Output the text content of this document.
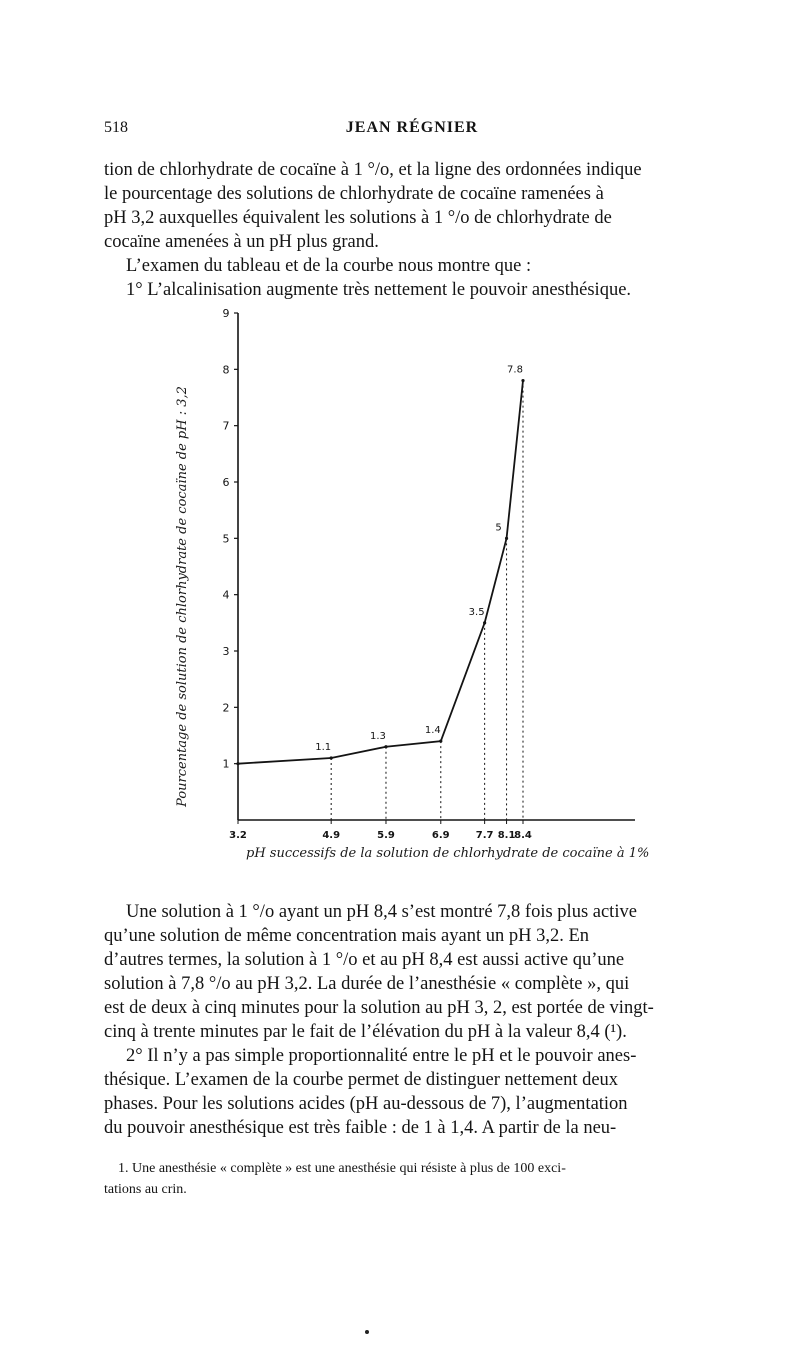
518	JEAN RÉGNIER
tion de chlorhydrate de cocaïne à 1 °/o, et la ligne des ordonnées indique
le pourcentage des solutions de chlorhydrate de cocaïne ramenées à
pH 3,2 auxquelles équivalent les solutions à 1 °/o de chlorhydrate de
cocaïne amenées à un pH plus grand.
L’examen du tableau et de la courbe nous montre que :
1° L’alcalinisation augmente très nettement le pouvoir anesthésique.
Pourcentage de solution de chlorhydrate de cocaïne de pH : 3,2	1
2
3
4
5
6
7
8
9
3.2	4.9	5.9	6.9	7.7 8.1
8.4
1.1
1.3
1.4
3.5
5
7.8
pH successifs de la solution de chlorhydrate de cocaïne à 1%
Une solution à 1 °/o ayant un pH 8,4 s’est montré 7,8 fois plus active
qu’une solution de même concentration mais ayant un pH 3,2. En
d’autres termes, la solution à 1 °/o et au pH 8,4 est aussi active qu’une
solution à 7,8 °/o au pH 3,2. La durée de l’anesthésie « complète », qui
est de deux à cinq minutes pour la solution au pH 3, 2, est portée de vingt-
cinq à trente minutes par le fait de l’élévation du pH à la valeur 8,4 (¹).
2° Il n’y a pas simple proportionnalité entre le pH et le pouvoir anes-
thésique. L’examen de la courbe permet de distinguer nettement deux
phases. Pour les solutions acides (pH au-dessous de 7), l’augmentation
du pouvoir anesthésique est très faible : de 1 à 1,4. A partir de la neu-
1. Une anesthésie « complète » est une anesthésie qui résiste à plus de 100 exci-
tations au crin.
